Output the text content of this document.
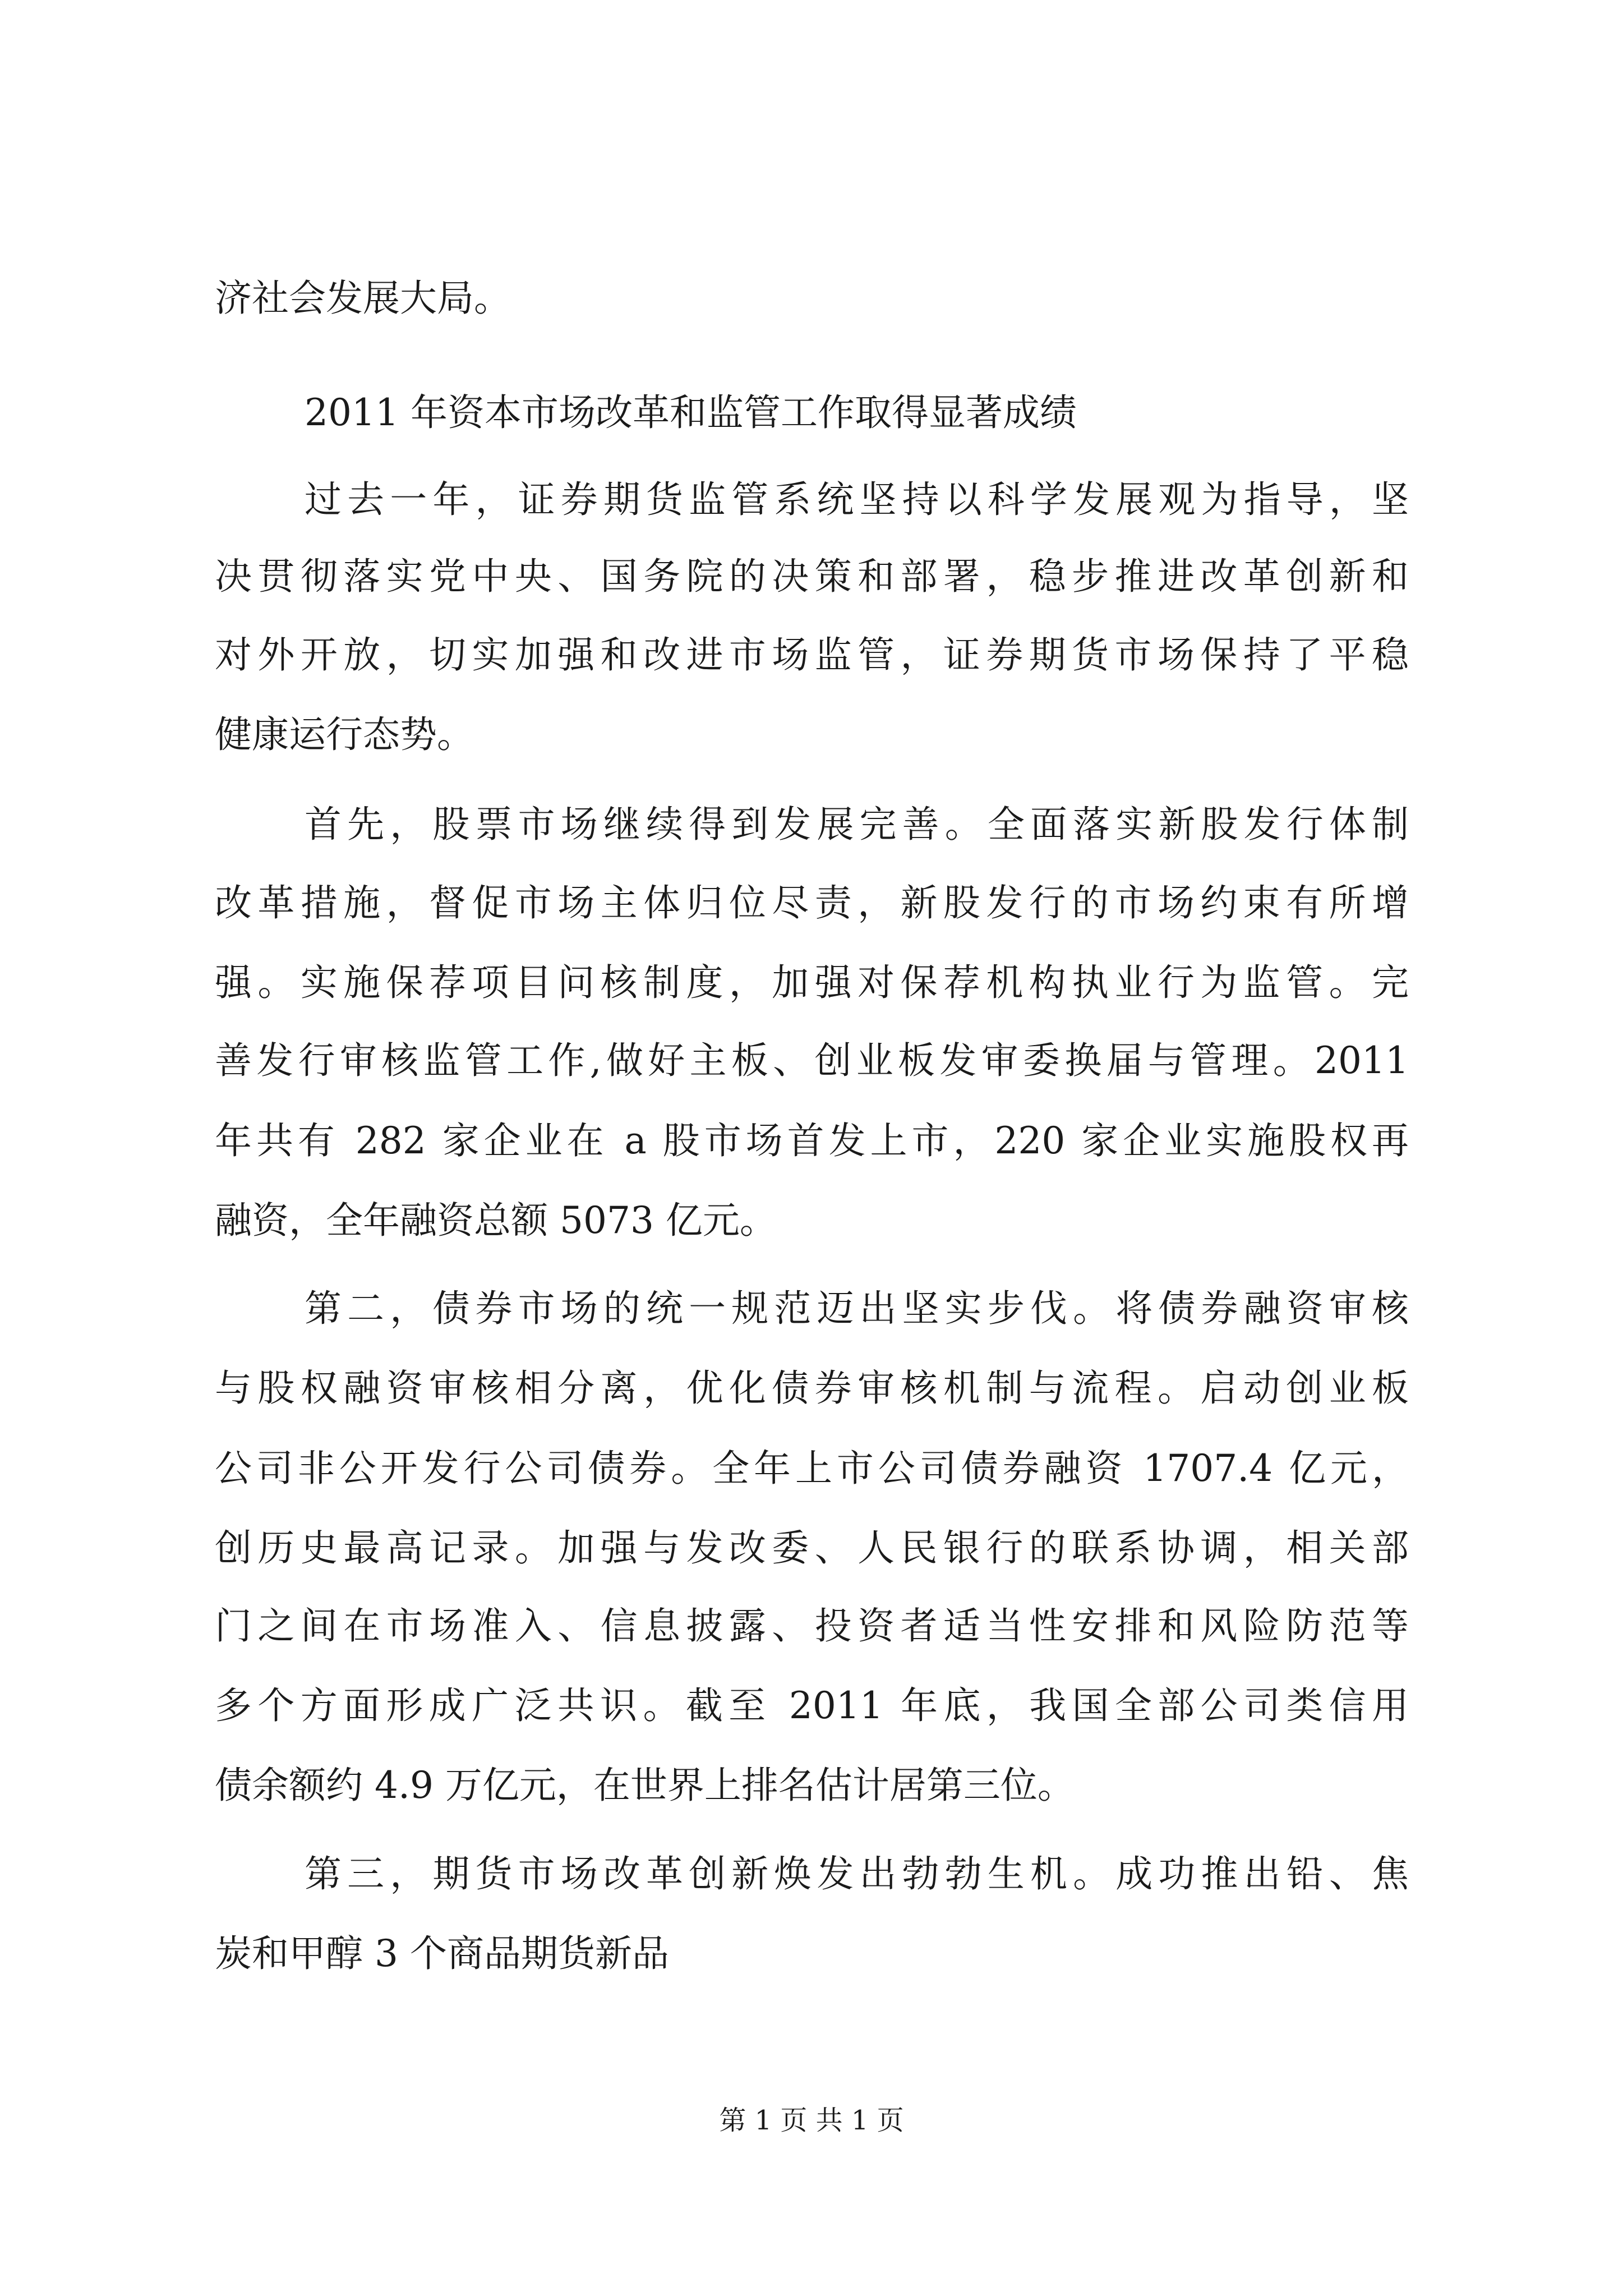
济社会发展大局。
2011 年资本市场改革和监管工作取得显著成绩
过去一年，证券期货监管系统坚持以科学发展观为指导，坚
决贯彻落实党中央、国务院的决策和部署，稳步推进改革创新和
对外开放，切实加强和改进市场监管，证券期货市场保持了平稳
健康运行态势。
首先，股票市场继续得到发展完善。全面落实新股发行体制
改革措施，督促市场主体归位尽责，新股发行的市场约束有所增
强。实施保荐项目问核制度，加强对保荐机构执业行为监管。完
善发行审核监管工作,做好主板、创业板发审委换届与管理。2011
年共有 282 家企业在 a 股市场首发上市，220 家企业实施股权再
融资，全年融资总额 5073 亿元。
第二，债券市场的统一规范迈出坚实步伐。将债券融资审核
与股权融资审核相分离，优化债券审核机制与流程。启动创业板
公司非公开发行公司债券。全年上市公司债券融资 1707.4 亿元，
创历史最高记录。加强与发改委、人民银行的联系协调，相关部
门之间在市场准入、信息披露、投资者适当性安排和风险防范等
多个方面形成广泛共识。截至 2011 年底，我国全部公司类信用
债余额约 4.9 万亿元，在世界上排名估计居第三位。
第三，期货市场改革创新焕发出勃勃生机。成功推出铅、焦
炭和甲醇 3 个商品期货新品
第 1 页 共 1 页
